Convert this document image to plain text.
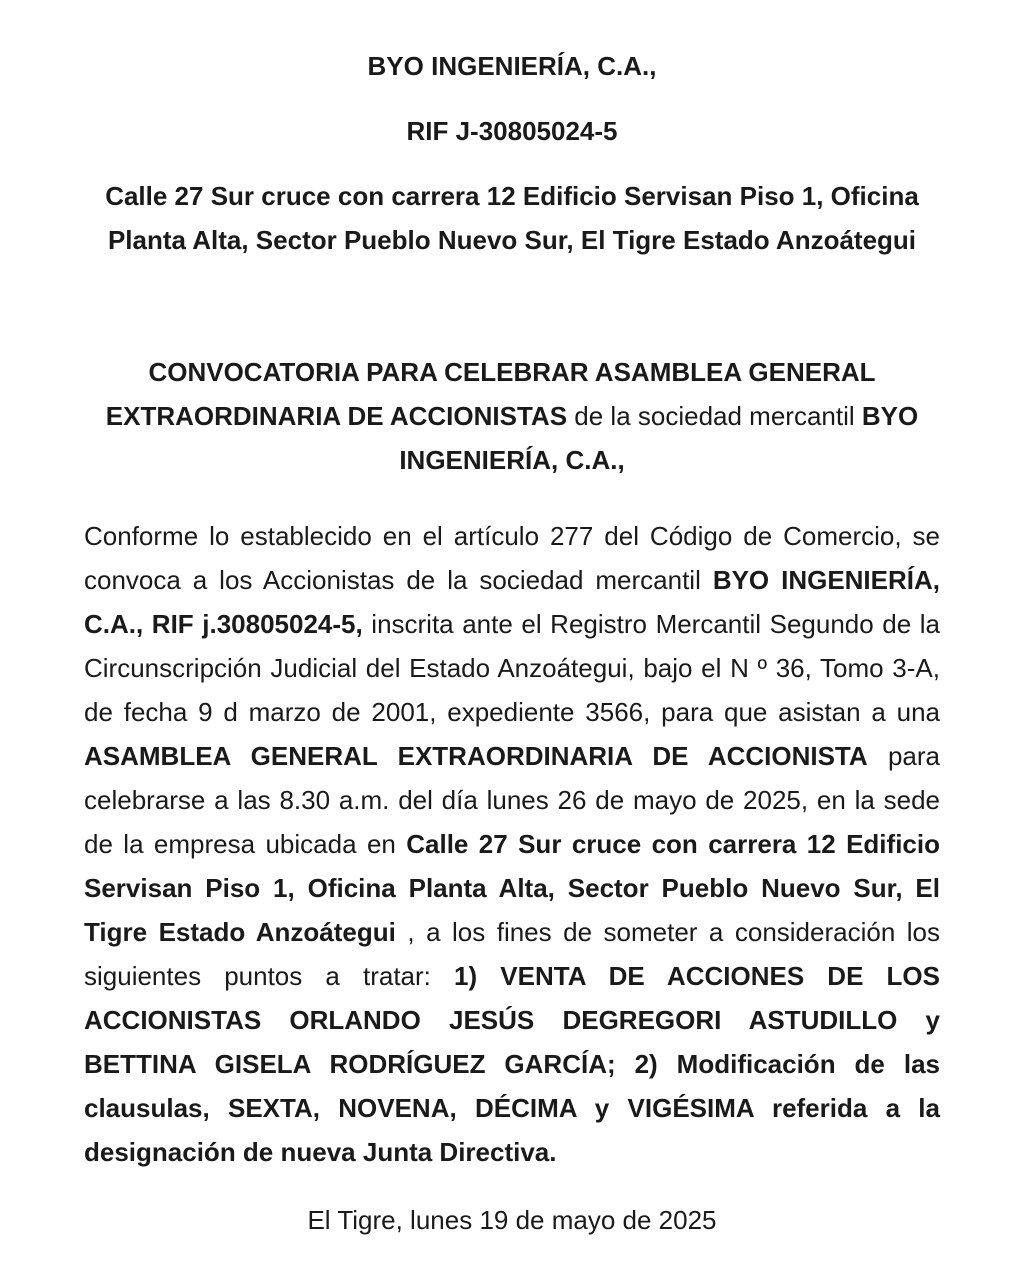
BYO INGENIERÍA, C.A.,

RIF J-30805024-5

Calle 27 Sur cruce con carrera 12 Edificio Servisan Piso 1, Oficina Planta Alta, Sector Pueblo Nuevo Sur, El Tigre Estado Anzoátegui

CONVOCATORIA PARA CELEBRAR ASAMBLEA GENERAL EXTRAORDINARIA DE ACCIONISTAS de la sociedad mercantil BYO INGENIERÍA, C.A.,

Conforme lo establecido en el artículo 277 del Código de Comercio, se convoca a los Accionistas de la sociedad mercantil BYO INGENIERÍA, C.A., RIF j.30805024-5, inscrita ante el Registro Mercantil Segundo de la Circunscripción Judicial del Estado Anzoátegui, bajo el N º 36, Tomo 3-A, de fecha 9 d marzo de 2001, expediente 3566, para que asistan a una ASAMBLEA GENERAL EXTRAORDINARIA DE ACCIONISTA para celebrarse a las 8.30 a.m. del día lunes 26 de mayo de 2025, en la sede de la empresa ubicada en Calle 27 Sur cruce con carrera 12 Edificio Servisan Piso 1, Oficina Planta Alta, Sector Pueblo Nuevo Sur, El Tigre Estado Anzoátegui , a los fines de someter a consideración los siguientes puntos a tratar: 1) VENTA DE ACCIONES DE LOS ACCIONISTAS ORLANDO JESÚS DEGREGORI ASTUDILLO y BETTINA GISELA RODRÍGUEZ GARCÍA; 2) Modificación de las clausulas, SEXTA, NOVENA, DÉCIMA y VIGÉSIMA referida a la designación de nueva Junta Directiva.

El Tigre, lunes 19 de mayo de 2025
